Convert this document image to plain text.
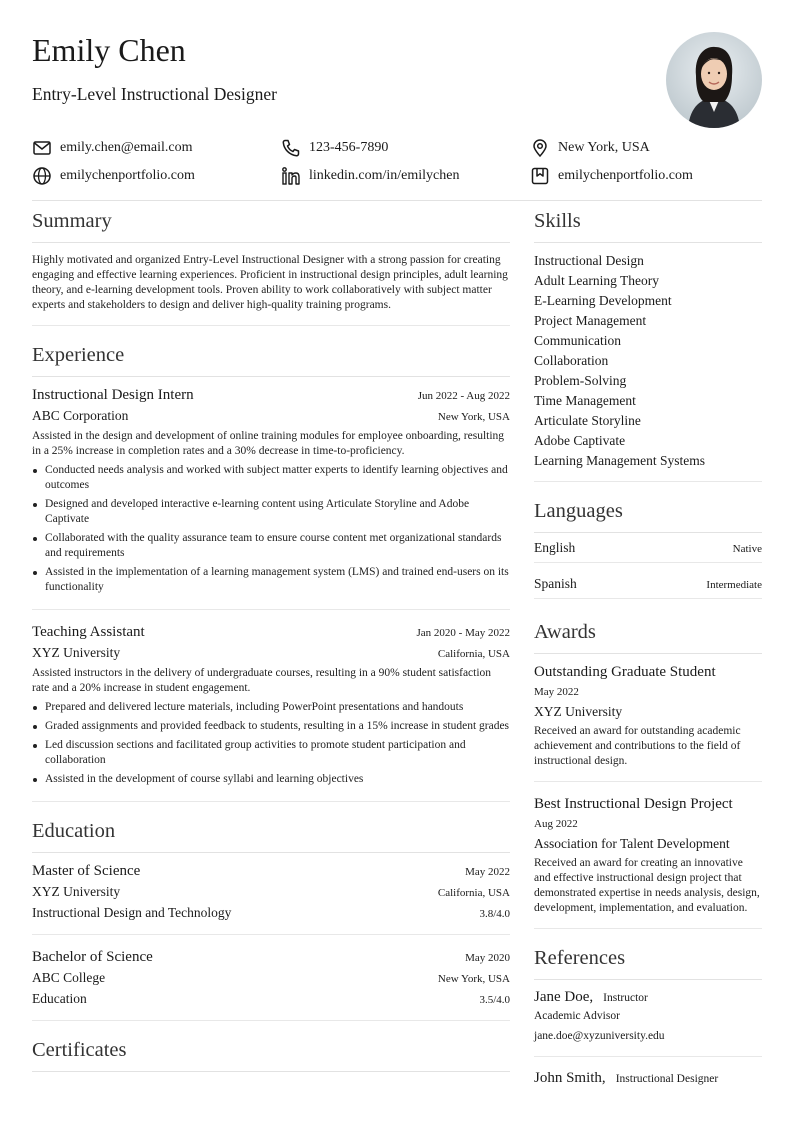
Emily Chen
Entry-Level Instructional Designer
emily.chen@email.com	123-456-7890	New York, USA
emilychenportfolio.com	linkedin.com/in/emilychen	emilychenportfolio.com
Summary
Highly motivated and organized Entry-Level Instructional Designer with a strong passion for creating engaging and effective learning experiences. Proficient in instructional design principles, adult learning theory, and e-learning development tools. Proven ability to work collaboratively with subject matter experts and stakeholders to design and deliver high-quality training programs.
Experience
Instructional Design Intern	Jun 2022 - Aug 2022
ABC Corporation	New York, USA
Assisted in the design and development of online training modules for employee onboarding, resulting in a 25% increase in completion rates and a 30% decrease in time-to-proficiency.
Conducted needs analysis and worked with subject matter experts to identify learning objectives and outcomes
Designed and developed interactive e-learning content using Articulate Storyline and Adobe Captivate
Collaborated with the quality assurance team to ensure course content met organizational standards and requirements
Assisted in the implementation of a learning management system (LMS) and trained end-users on its functionality
Teaching Assistant	Jan 2020 - May 2022
XYZ University	California, USA
Assisted instructors in the delivery of undergraduate courses, resulting in a 90% student satisfaction rate and a 20% increase in student engagement.
Prepared and delivered lecture materials, including PowerPoint presentations and handouts
Graded assignments and provided feedback to students, resulting in a 15% increase in student grades
Led discussion sections and facilitated group activities to promote student participation and collaboration
Assisted in the development of course syllabi and learning objectives
Education
Master of Science	May 2022
XYZ University	California, USA
Instructional Design and Technology	3.8/4.0
Bachelor of Science	May 2020
ABC College	New York, USA
Education	3.5/4.0
Certificates
Skills
Instructional Design
Adult Learning Theory
E-Learning Development
Project Management
Communication
Collaboration
Problem-Solving
Time Management
Articulate Storyline
Adobe Captivate
Learning Management Systems
Languages
English	Native
Spanish	Intermediate
Awards
Outstanding Graduate Student
May 2022
XYZ University
Received an award for outstanding academic achievement and contributions to the field of instructional design.
Best Instructional Design Project
Aug 2022
Association for Talent Development
Received an award for creating an innovative and effective instructional design project that demonstrated expertise in needs analysis, design, development, implementation, and evaluation.
References
Jane Doe, Instructor
Academic Advisor
jane.doe@xyzuniversity.edu
John Smith, Instructional Designer
